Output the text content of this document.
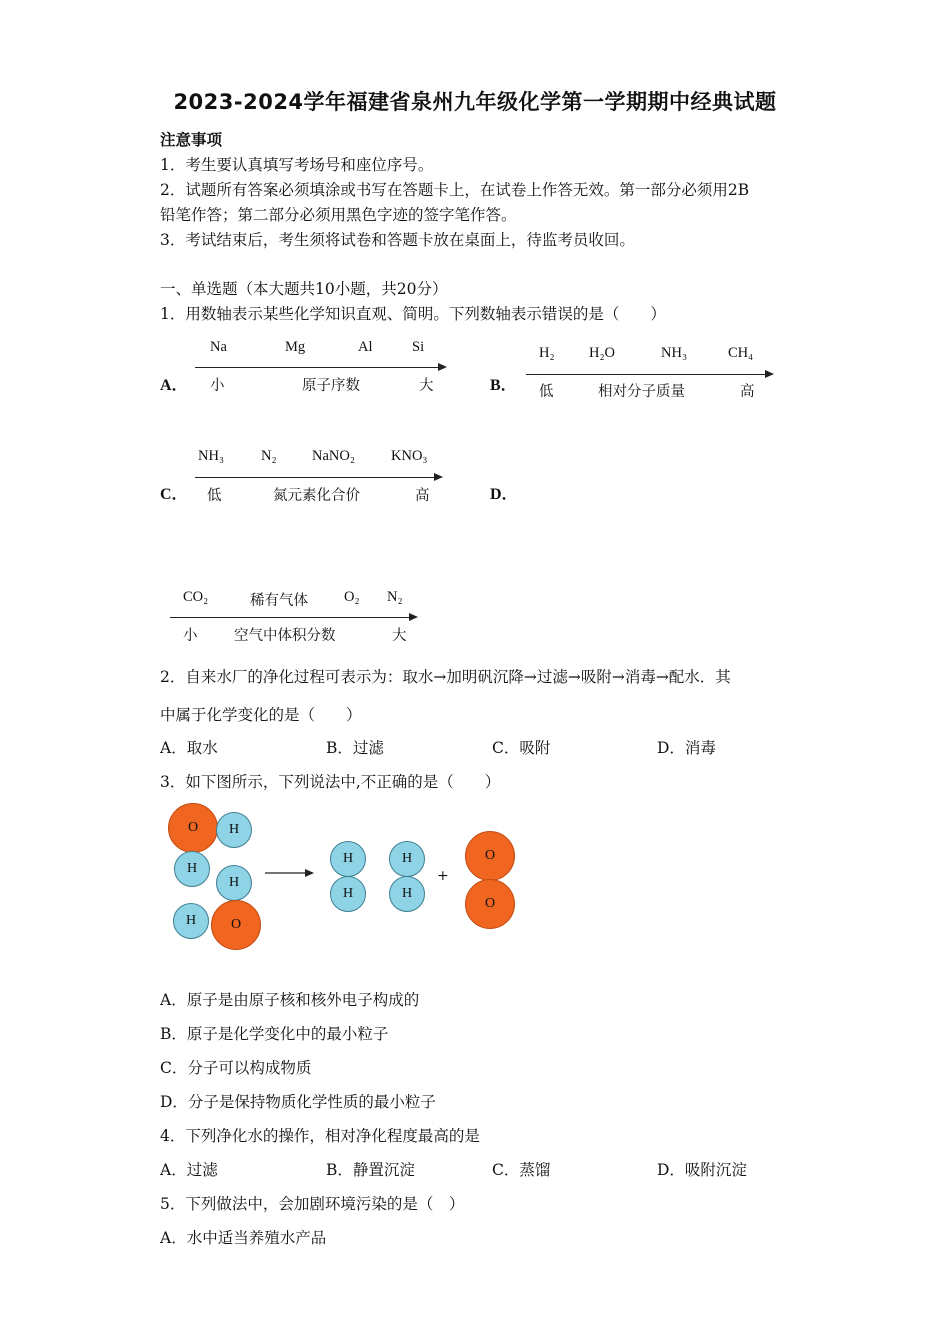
2023-2024学年福建省泉州九年级化学第一学期期中经典试题
注意事项
1．考生要认真填写考场号和座位序号。
2．试题所有答案必须填涂或书写在答题卡上，在试卷上作答无效。第一部分必须用2B
铅笔作答；第二部分必须用黑色字迹的签字笔作答。
3．考试结束后，考生须将试卷和答题卡放在桌面上，待监考员收回。
一、单选题（本大题共10小题，共20分）
1．用数轴表示某些化学知识直观、简明。下列数轴表示错误的是（　　）
A．
Na	Mg	Al	Si
小	原子序数	大	B．
H₂ H₂O	NH₃	CH₄
低	相对分子质量	高
C．
NH₃	N₂ NaNO₂ KNO₃
低	氮元素化合价	高	D．
CO₂	稀有气体 O₂ N₂
小	空气中体积分数	大
2．自来水厂的净化过程可表示为：取水→加明矾沉降→过滤→吸附→消毒→配水．其
中属于化学变化的是（　　）
A．取水	B．过滤	C．吸附	D．消毒
3．如下图所示，下列说法中,不正确的是（　　）
O	H
H
H
H	O
H
H
H
H
+
O
O
A．原子是由原子核和核外电子构成的
B．原子是化学变化中的最小粒子
C．分子可以构成物质
D．分子是保持物质化学性质的最小粒子
4．下列净化水的操作，相对净化程度最高的是
A．过滤	B．静置沉淀	C．蒸馏	D．吸附沉淀
5．下列做法中，会加剧环境污染的是（　）
A．水中适当养殖水产品
